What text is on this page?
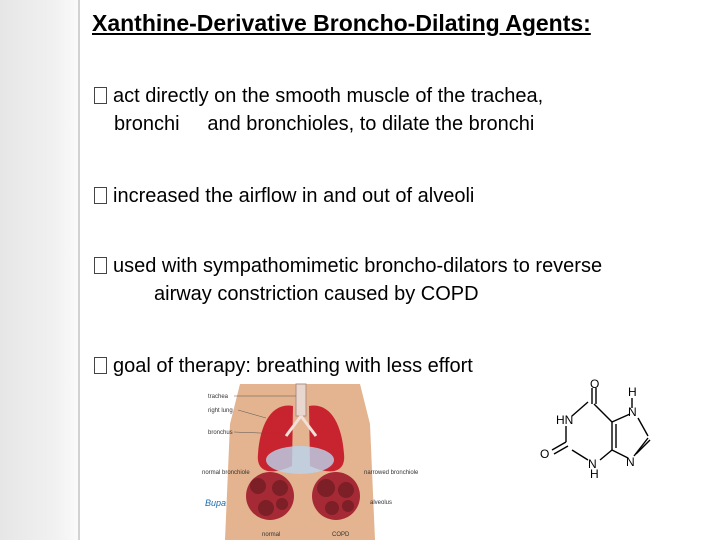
Xanthine-Derivative Broncho-Dilating Agents:
act directly on the smooth muscle of the trachea,
bronchi     and bronchioles, to dilate the bronchi
increased the airflow in and out of alveoli
used with sympathomimetic broncho-dilators to reverse
airway constriction caused by COPD
goal of therapy: breathing with less effort
trachea
right lung
bronchus
normal bronchiole	narrowed bronchiole
alveolus
normal	COPD
Bupa
O
HN
O
N
H
N
H
N
